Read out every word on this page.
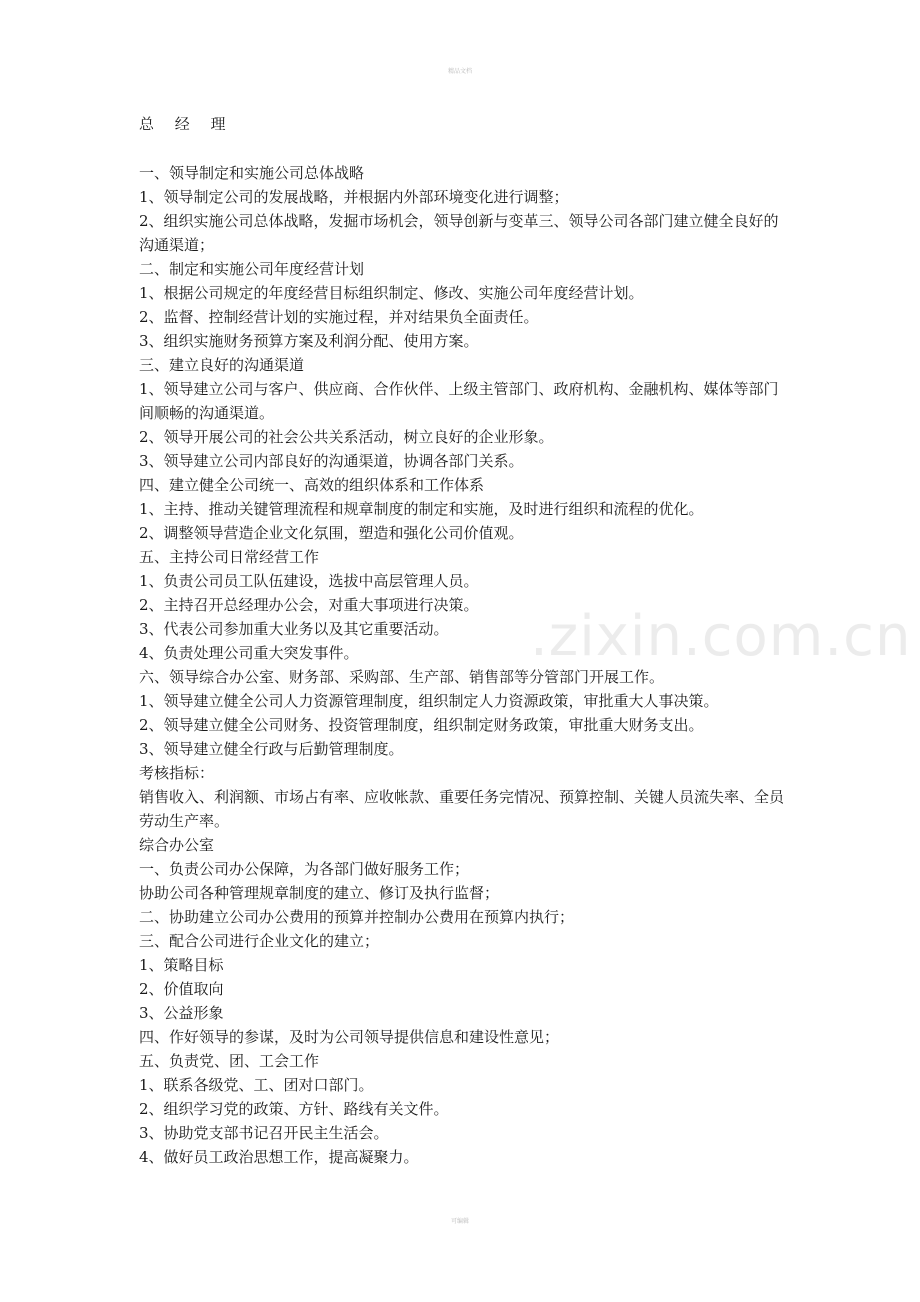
精品文档
.zixin.com.cn
总 经 理

一、领导制定和实施公司总体战略

1、领导制定公司的发展战略，并根据内外部环境变化进行调整；

2、组织实施公司总体战略，发掘市场机会，领导创新与变革三、领导公司各部门建立健全良好的沟通渠道；

二、制定和实施公司年度经营计划

1、根据公司规定的年度经营目标组织制定、修改、实施公司年度经营计划。

2、监督、控制经营计划的实施过程，并对结果负全面责任。

3、组织实施财务预算方案及利润分配、使用方案。

三、建立良好的沟通渠道

1、领导建立公司与客户、供应商、合作伙伴、上级主管部门、政府机构、金融机构、媒体等部门间顺畅的沟通渠道。

2、领导开展公司的社会公共关系活动，树立良好的企业形象。

3、领导建立公司内部良好的沟通渠道，协调各部门关系。

四、建立健全公司统一、高效的组织体系和工作体系

1、主持、推动关键管理流程和规章制度的制定和实施，及时进行组织和流程的优化。

2、调整领导营造企业文化氛围，塑造和强化公司价值观。

五、主持公司日常经营工作

1、负责公司员工队伍建设，选拔中高层管理人员。

2、主持召开总经理办公会，对重大事项进行决策。

3、代表公司参加重大业务以及其它重要活动。

4、负责处理公司重大突发事件。

六、领导综合办公室、财务部、采购部、生产部、销售部等分管部门开展工作。

1、领导建立健全公司人力资源管理制度，组织制定人力资源政策，审批重大人事决策。

2、领导建立健全公司财务、投资管理制度，组织制定财务政策，审批重大财务支出。

3、领导建立健全行政与后勤管理制度。

考核指标：

销售收入、利润额、市场占有率、应收帐款、重要任务完情况、预算控制、关键人员流失率、全员劳动生产率。

综合办公室

一、负责公司办公保障，为各部门做好服务工作；

协助公司各种管理规章制度的建立、修订及执行监督；

二、协助建立公司办公费用的预算并控制办公费用在预算内执行；

三、配合公司进行企业文化的建立；

1、策略目标

2、价值取向

3、公益形象

四、作好领导的参谋，及时为公司领导提供信息和建设性意见；

五、负责党、团、工会工作

1、联系各级党、工、团对口部门。

2、组织学习党的政策、方针、路线有关文件。

3、协助党支部书记召开民主生活会。

4、做好员工政治思想工作，提高凝聚力。

可编辑
